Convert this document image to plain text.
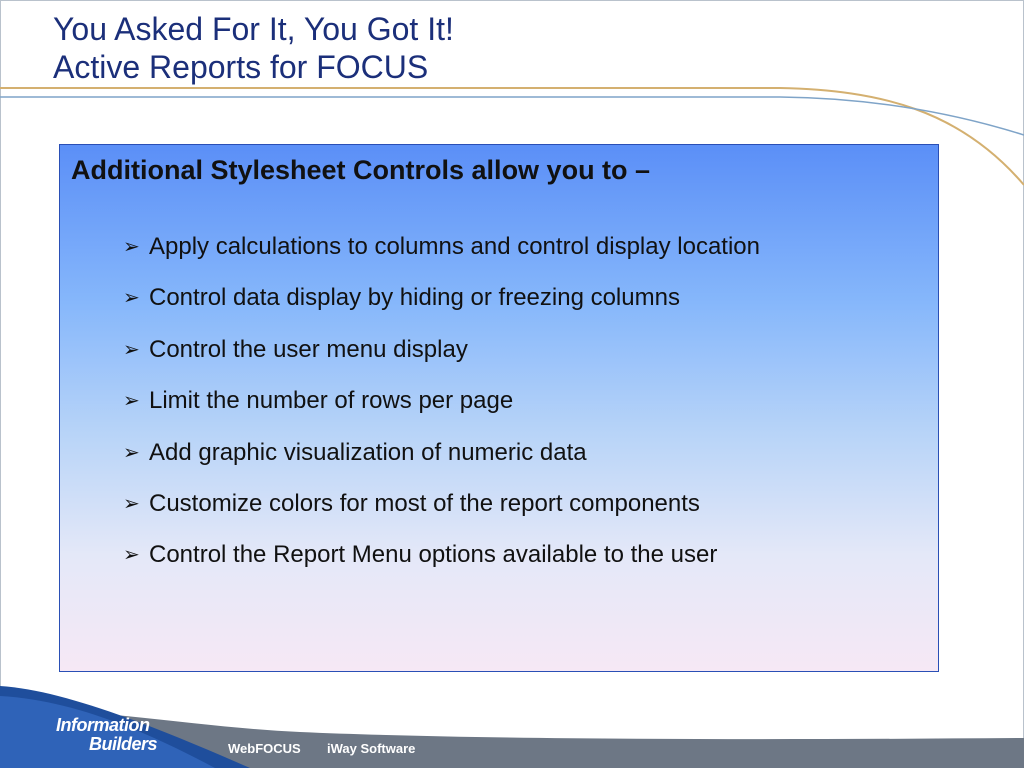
You Asked For It, You Got It!
Active Reports for FOCUS
Additional Stylesheet Controls allow you to –
➢ Apply calculations to columns and control display location
➢ Control data display by hiding or freezing columns
➢ Control the user menu display
➢ Limit the number of rows per page
➢ Add graphic visualization of numeric data
➢ Customize colors for most of the report components
➢ Control the Report Menu options available to the user
Information
Builders	WebFOCUS iWay Software
